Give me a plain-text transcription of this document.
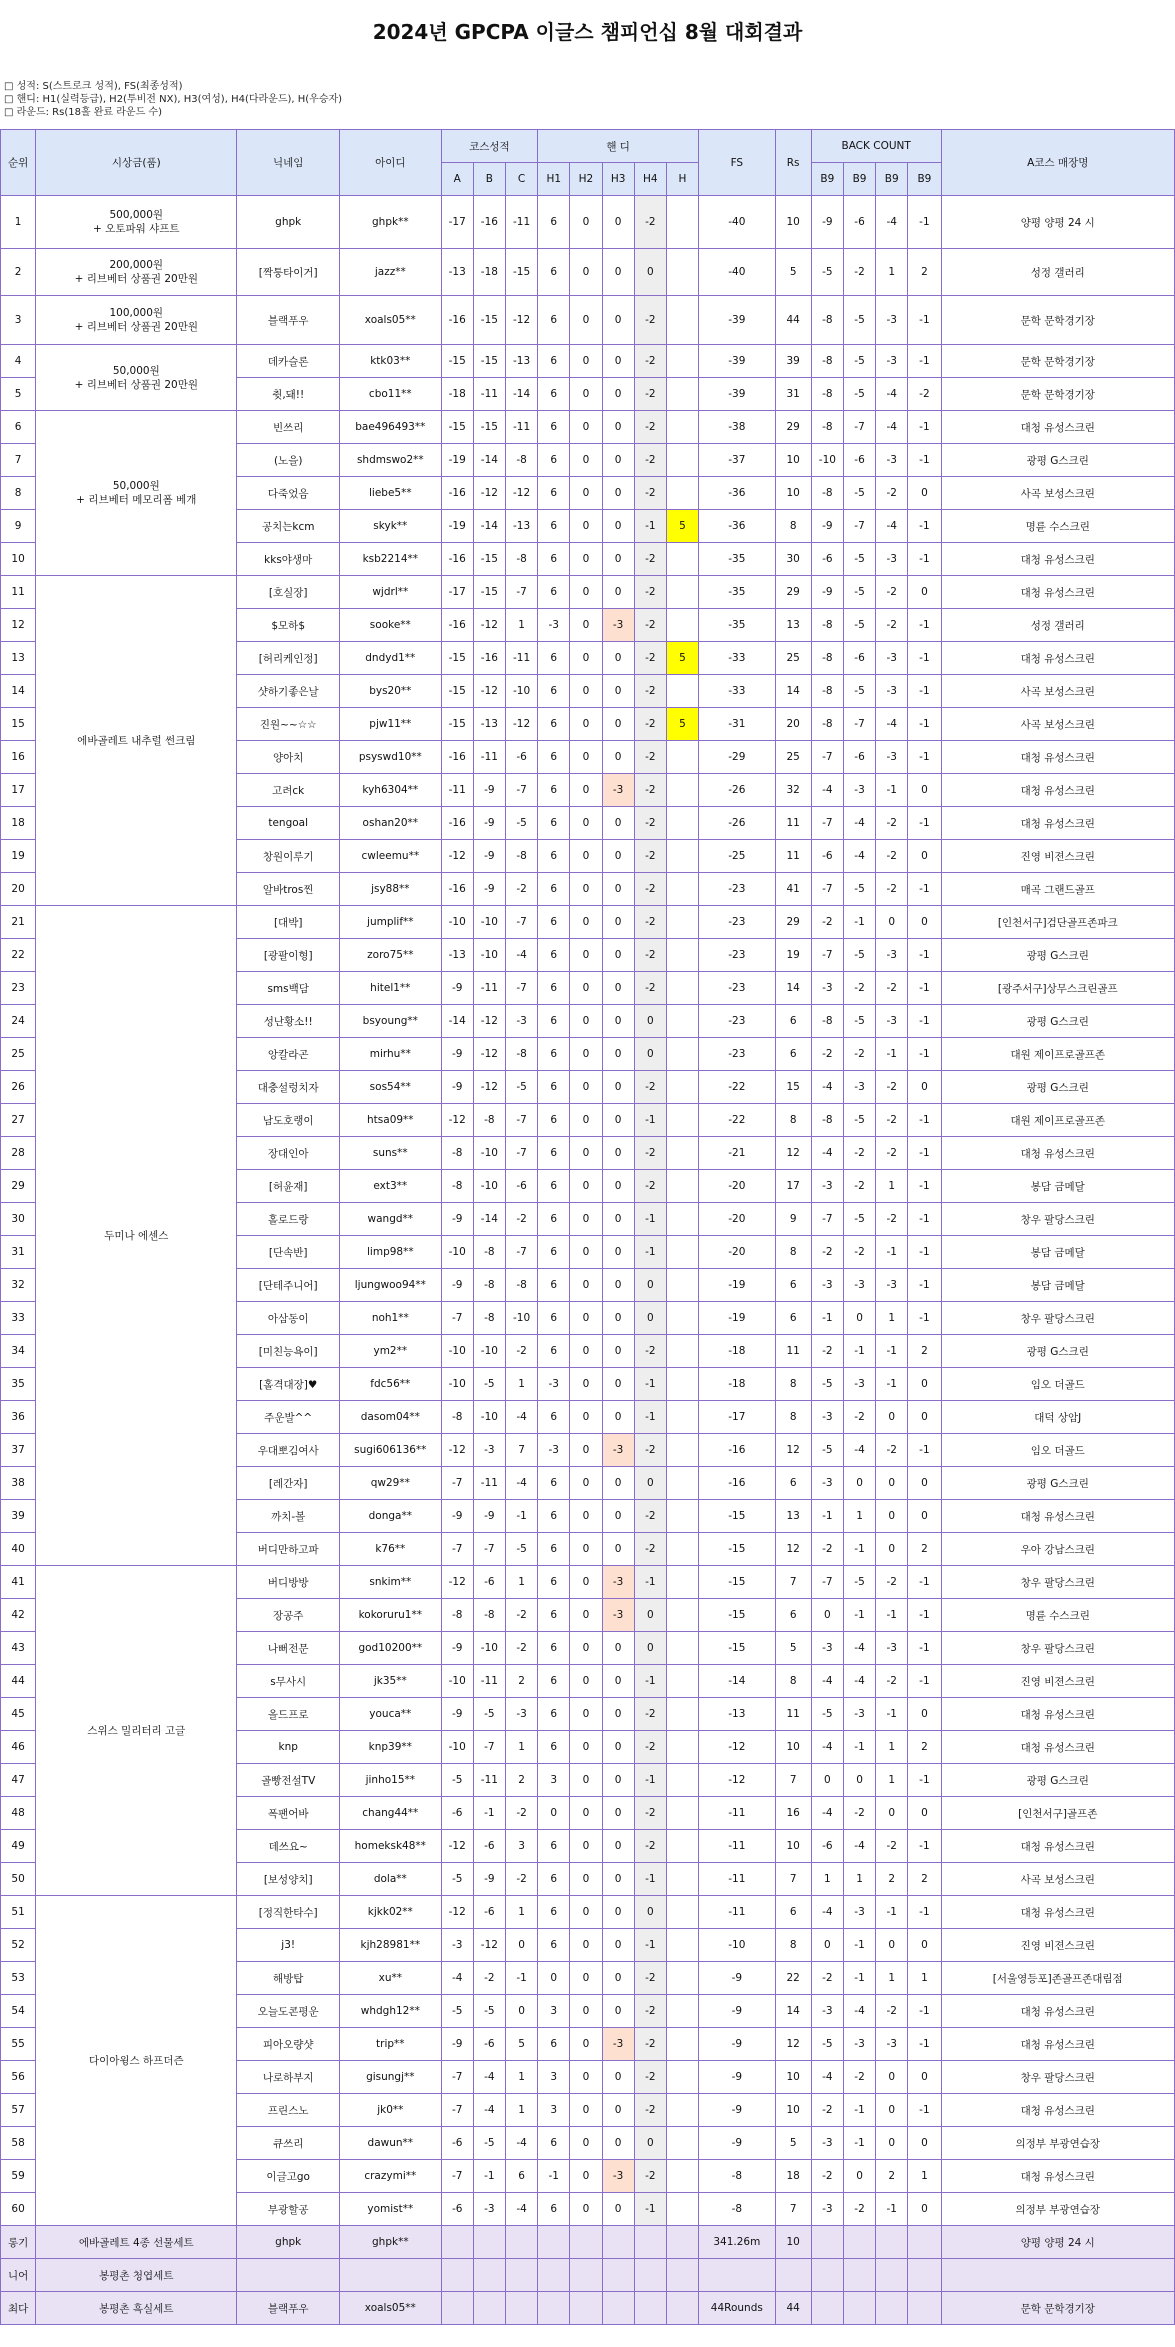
2024년 GPCPA 이글스 챔피언십 8월 대회결과
□ 성적: S(스트로크 성적), FS(최종성적)
□ 핸디: H1(실력등급), H2(투비전 NX), H3(여성), H4(다라운드), H(우승자)
□ 라운드: Rs(18홀 완료 라운드 수)
순위	시상금(품)	닉네임	아이디	코스성적			핸 디					FS	Rs	BACK COUNT				A코스 매장명
				A	B	C	H1	H2	H3	H4	H			B9	B9	B9	B9	
1	500,000원
+ 오토파워 샤프트	ghpk	ghpk**	-17	-16	-11	6	0	0	-2		-40	10	-9	-6	-4	-1	양평 양평 24 시
2	200,000원
+ 리브베터 상품권 20만원	[짝퉁타이거]	jazz**	-13	-18	-15	6	0	0	0		-40	5	-5	-2	1	2	성정 갤러리
3	100,000원
+ 리브베터 상품권 20만원	블랙푸우	xoals05**	-16	-15	-12	6	0	0	-2		-39	44	-8	-5	-3	-1	문학 문학경기장
4	50,000원
+ 리브베터 상품권 20만원	데카슬론	ktk03**	-15	-15	-13	6	0	0	-2		-39	39	-8	-5	-3	-1	문학 문학경기장
5		췻,돼!!	cbo11**	-18	-11	-14	6	0	0	-2		-39	31	-8	-5	-4	-2	문학 문학경기장
6	50,000원
+ 리브베터 메모리폼 베개	빈쓰리	bae496493**	-15	-15	-11	6	0	0	-2		-38	29	-8	-7	-4	-1	대청 유성스크린
7		(노을)	shdmswo2**	-19	-14	-8	6	0	0	-2		-37	10	-10	-6	-3	-1	광평 G스크린
8		다죽었음	liebe5**	-16	-12	-12	6	0	0	-2		-36	10	-8	-5	-2	0	사곡 보성스크린
9		공치는kcm	skyk**	-19	-14	-13	6	0	0	-1	5	-36	8	-9	-7	-4	-1	명륜 수스크린
10		kks야생마	ksb2214**	-16	-15	-8	6	0	0	-2		-35	30	-6	-5	-3	-1	대청 유성스크린
11	에바골레트 내추럴 썬크림	[호실장]	wjdrl**	-17	-15	-7	6	0	0	-2		-35	29	-9	-5	-2	0	대청 유성스크린
12		$모하$	sooke**	-16	-12	1	-3	0	-3	-2		-35	13	-8	-5	-2	-1	성정 갤러리
13		[허리케인정]	dndyd1**	-15	-16	-11	6	0	0	-2	5	-33	25	-8	-6	-3	-1	대청 유성스크린
14		샷하기좋은날	bys20**	-15	-12	-10	6	0	0	-2		-33	14	-8	-5	-3	-1	사곡 보성스크린
15		진원~~☆☆	pjw11**	-15	-13	-12	6	0	0	-2	5	-31	20	-8	-7	-4	-1	사곡 보성스크린
16		양아치	psyswd10**	-16	-11	-6	6	0	0	-2		-29	25	-7	-6	-3	-1	대청 유성스크린
17		고려ck	kyh6304**	-11	-9	-7	6	0	-3	-2		-26	32	-4	-3	-1	0	대청 유성스크린
18		tengoal	oshan20**	-16	-9	-5	6	0	0	-2		-26	11	-7	-4	-2	-1	대청 유성스크린
19		창원이루기	cwleemu**	-12	-9	-8	6	0	0	-2		-25	11	-6	-4	-2	0	진영 비젼스크린
20		알바tros찐	jsy88**	-16	-9	-2	6	0	0	-2		-23	41	-7	-5	-2	-1	매곡 그랜드골프
21	두미나 에센스	[대박]	jumplif**	-10	-10	-7	6	0	0	-2		-23	29	-2	-1	0	0	[인천서구]검단골프존파크
22		[광팔이형]	zoro75**	-13	-10	-4	6	0	0	-2		-23	19	-7	-5	-3	-1	광평 G스크린
23		sms백담	hitel1**	-9	-11	-7	6	0	0	-2		-23	14	-3	-2	-2	-1	[광주서구]상무스크린골프
24		성난황소!!	bsyoung**	-14	-12	-3	6	0	0	0		-23	6	-8	-5	-3	-1	광평 G스크린
25		앙칼라곤	mirhu**	-9	-12	-8	6	0	0	0		-23	6	-2	-2	-1	-1	대원 제이프로골프존
26		대충설렁치자	sos54**	-9	-12	-5	6	0	0	-2		-22	15	-4	-3	-2	0	광평 G스크린
27		남도호랭이	htsa09**	-12	-8	-7	6	0	0	-1		-22	8	-8	-5	-2	-1	대원 제이프로골프존
28		장대인아	suns**	-8	-10	-7	6	0	0	-2		-21	12	-4	-2	-2	-1	대청 유성스크린
29		[허윤재]	ext3**	-8	-10	-6	6	0	0	-2		-20	17	-3	-2	1	-1	봉담 금메달
30		홀로드랑	wangd**	-9	-14	-2	6	0	0	-1		-20	9	-7	-5	-2	-1	창우 팔당스크린
31		[단속반]	limp98**	-10	-8	-7	6	0	0	-1		-20	8	-2	-2	-1	-1	봉담 금메달
32		[단테주니어]	ljungwoo94**	-9	-8	-8	6	0	0	0		-19	6	-3	-3	-3	-1	봉담 금메달
33		아삼동이	noh1**	-7	-8	-10	6	0	0	0		-19	6	-1	0	1	-1	창우 팔당스크린
34		[미친능욕이]	ym2**	-10	-10	-2	6	0	0	-2		-18	11	-2	-1	-1	2	광평 G스크린
35		[홀격대장]♥	fdc56**	-10	-5	1	-3	0	0	-1		-18	8	-5	-3	-1	0	임오 더골드
36		주운발^^	dasom04**	-8	-10	-4	6	0	0	-1		-17	8	-3	-2	0	0	대덕 상암J
37		우대뽀김여사	sugi606136**	-12	-3	7	-3	0	-3	-2		-16	12	-5	-4	-2	-1	임오 더골드
38		[레간자]	qw29**	-7	-11	-4	6	0	0	0		-16	6	-3	0	0	0	광평 G스크린
39		까치-볼	donga**	-9	-9	-1	6	0	0	-2		-15	13	-1	1	0	0	대청 유성스크린
40		버디만하고파	k76**	-7	-7	-5	6	0	0	-2		-15	12	-2	-1	0	2	우아 강남스크린
41	스위스 밀리터리 고글	버디방방	snkim**	-12	-6	1	6	0	-3	-1		-15	7	-7	-5	-2	-1	창우 팔당스크린
42		장공주	kokoruru1**	-8	-8	-2	6	0	-3	0		-15	6	0	-1	-1	-1	명륜 수스크린
43		나뻐전문	god10200**	-9	-10	-2	6	0	0	0		-15	5	-3	-4	-3	-1	창우 팔당스크린
44		s무사시	jk35**	-10	-11	2	6	0	0	-1		-14	8	-4	-4	-2	-1	진영 비젼스크린
45		올드프로	youca**	-9	-5	-3	6	0	0	-2		-13	11	-5	-3	-1	0	대청 유성스크린
46		knp	knp39**	-10	-7	1	6	0	0	-2		-12	10	-4	-1	1	2	대청 유성스크린
47		골빵전설TV	jinho15**	-5	-11	2	3	0	0	-1		-12	7	0	0	1	-1	광평 G스크린
48		폭팬어바	chang44**	-6	-1	-2	0	0	0	-2		-11	16	-4	-2	0	0	[인천서구]골프존
49		데쓰요~	homeksk48**	-12	-6	3	6	0	0	-2		-11	10	-6	-4	-2	-1	대청 유성스크린
50		[보성양치]	dola**	-5	-9	-2	6	0	0	-1		-11	7	1	1	2	2	사곡 보성스크린
51	다이아윙스 하프더즌	[정직한타수]	kjkk02**	-12	-6	1	6	0	0	0		-11	6	-4	-3	-1	-1	대청 유성스크린
52		j3!	kjh28981**	-3	-12	0	6	0	0	-1		-10	8	0	-1	0	0	진영 비젼스크린
53		해방탑	xu**	-4	-2	-1	0	0	0	-2		-9	22	-2	-1	1	1	[서울영등포]존골프존대림점
54		오늘도콘평운	whdgh12**	-5	-5	0	3	0	0	-2		-9	14	-3	-4	-2	-1	대청 유성스크린
55		피아오량샷	trip**	-9	-6	5	6	0	-3	-2		-9	12	-5	-3	-3	-1	대청 유성스크린
56		나로하부지	gisungj**	-7	-4	1	3	0	0	-2		-9	10	-4	-2	0	0	창우 팔당스크린
57		프린스노	jk0**	-7	-4	1	3	0	0	-2		-9	10	-2	-1	0	-1	대청 유성스크린
58		큐쓰리	dawun**	-6	-5	-4	6	0	0	0		-9	5	-3	-1	0	0	의정부 부광연습장
59		이글고go	crazymi**	-7	-1	6	-1	0	-3	-2		-8	18	-2	0	2	1	대청 유성스크린
60		부광할공	yomist**	-6	-3	-4	6	0	0	-1		-8	7	-3	-2	-1	0	의정부 부광연습장
롱기	에바골레트 4종 선물세트	ghpk	ghpk**									341.26m	10					양평 양평 24 시
니어	봉평촌 청엽세트																	
최다	봉평촌 흑실세트	블랙푸우	xoals05**									44Rounds	44					문학 문학경기장
